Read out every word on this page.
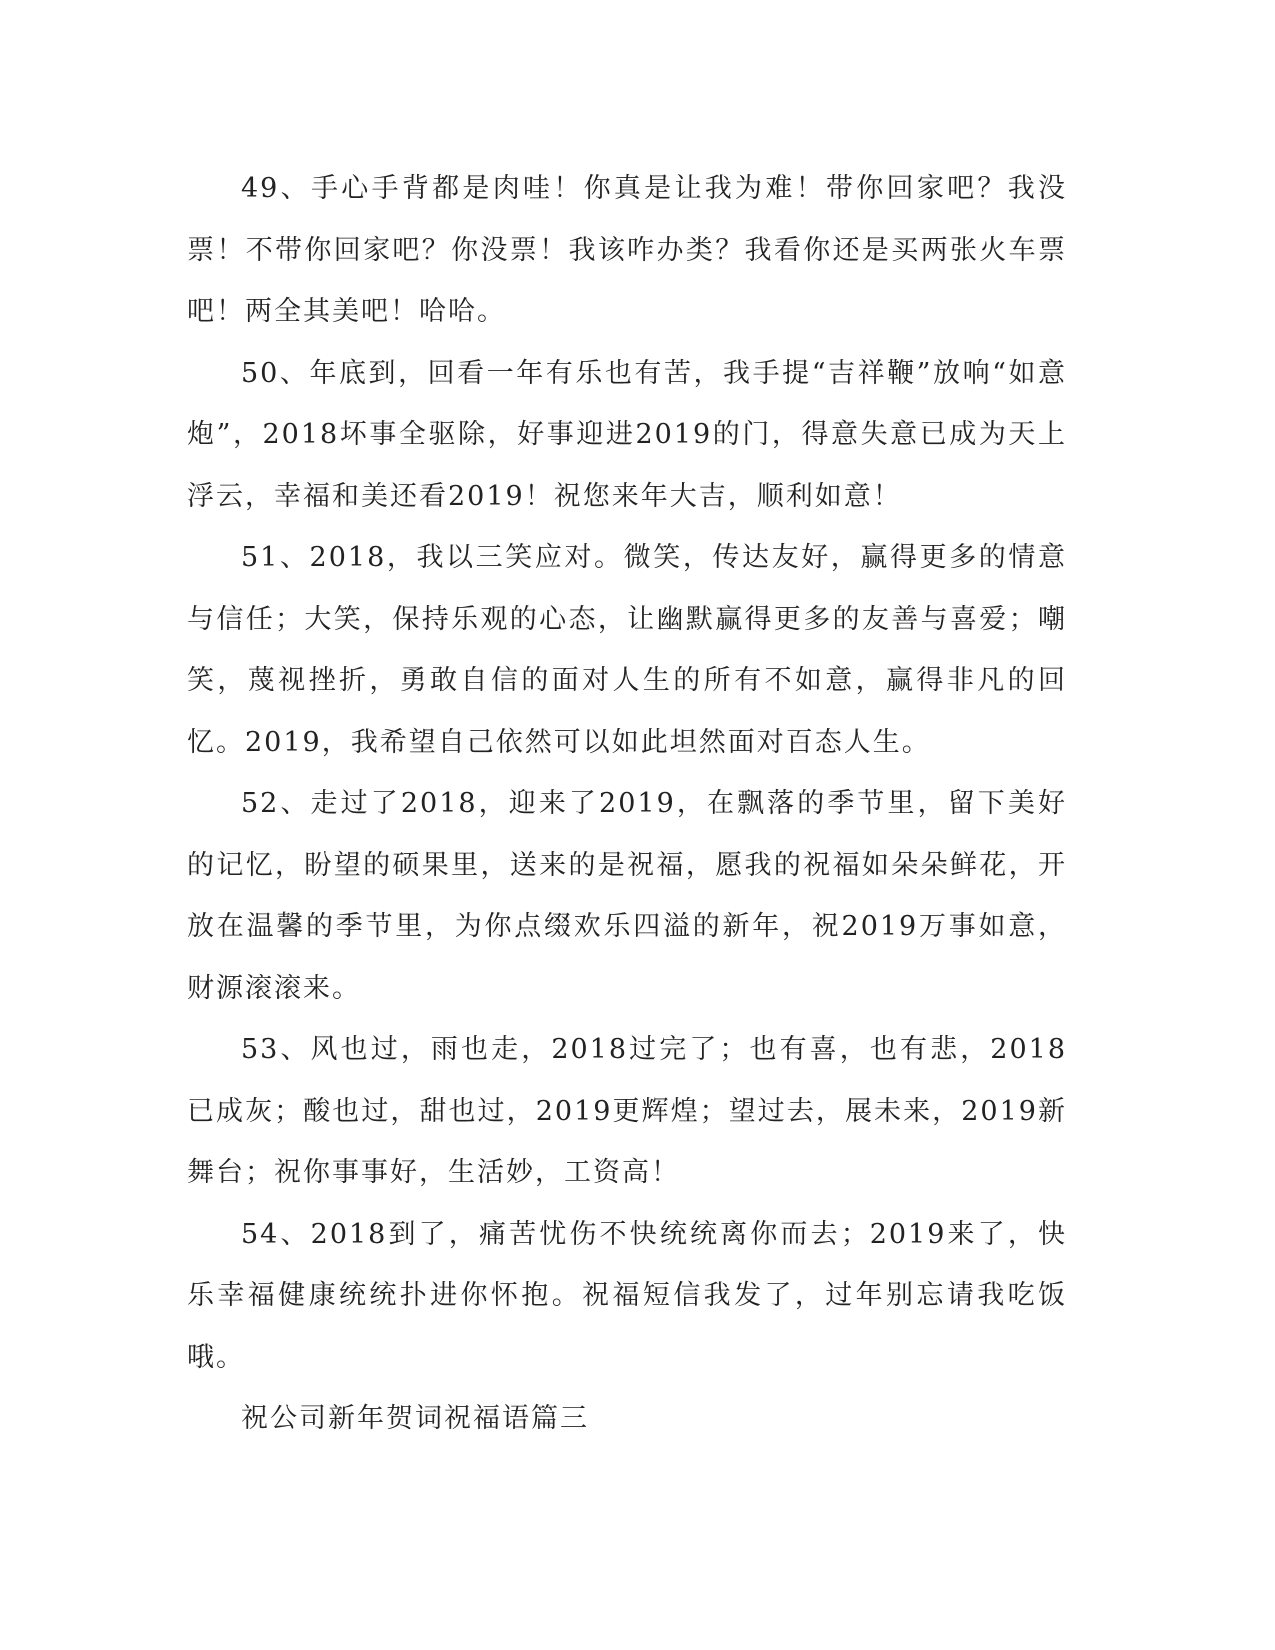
49、手心手背都是肉哇！你真是让我为难！带你回家吧？我没票！不带你回家吧？你没票！我该咋办类？我看你还是买两张火车票吧！两全其美吧！哈哈。

50、年底到，回看一年有乐也有苦，我手提“吉祥鞭”放响“如意炮”，2018坏事全驱除，好事迎进2019的门，得意失意已成为天上浮云，幸福和美还看2019！祝您来年大吉，顺利如意！

51、2018，我以三笑应对。微笑，传达友好，赢得更多的情意与信任；大笑，保持乐观的心态，让幽默赢得更多的友善与喜爱；嘲笑，蔑视挫折，勇敢自信的面对人生的所有不如意，赢得非凡的回忆。2019，我希望自己依然可以如此坦然面对百态人生。

52、走过了2018，迎来了2019，在飘落的季节里，留下美好的记忆，盼望的硕果里，送来的是祝福，愿我的祝福如朵朵鲜花，开放在温馨的季节里，为你点缀欢乐四溢的新年，祝2019万事如意，财源滚滚来。

53、风也过，雨也走，2018过完了；也有喜，也有悲，2018已成灰；酸也过，甜也过，2019更辉煌；望过去，展未来，2019新舞台；祝你事事好，生活妙，工资高！

54、2018到了，痛苦忧伤不快统统离你而去；2019来了，快乐幸福健康统统扑进你怀抱。祝福短信我发了，过年别忘请我吃饭哦。

祝公司新年贺词祝福语篇三
